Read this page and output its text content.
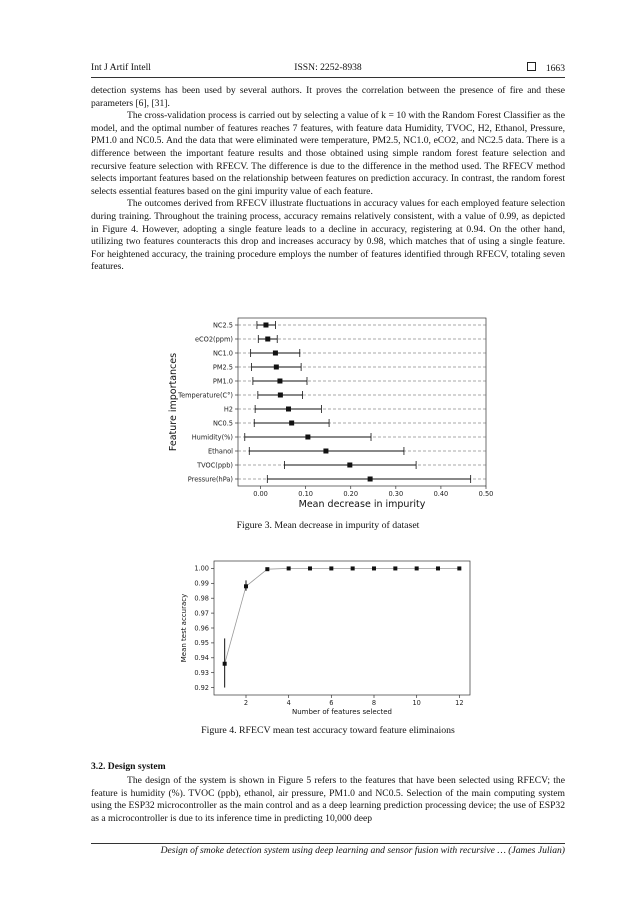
Int J Artif Intell	ISSN: 2252-8938	1663

detection systems has been used by several authors. It proves the correlation between the presence of fire and these parameters [6], [31].

The cross-validation process is carried out by selecting a value of k = 10 with the Random Forest Classifier as the model, and the optimal number of features reaches 7 features, with feature data Humidity, TVOC, H2, Ethanol, Pressure, PM1.0 and NC0.5. And the data that were eliminated were temperature, PM2.5, NC1.0, eCO2, and NC2.5 data. There is a difference between the important feature results and those obtained using simple random forest feature selection and recursive feature selection with RFECV. The difference is due to the difference in the method used. The RFECV method selects important features based on the relationship between features on prediction accuracy. In contrast, the random forest selects essential features based on the gini impurity value of each feature.

The outcomes derived from RFECV illustrate fluctuations in accuracy values for each employed feature selection during training. Throughout the training process, accuracy remains relatively consistent, with a value of 0.99, as depicted in Figure 4. However, adopting a single feature leads to a decline in accuracy, registering at 0.94. On the other hand, utilizing two features counteracts this drop and increases accuracy by 0.98, which matches that of using a single feature. For heightened accuracy, the training procedure employs the number of features identified through RFECV, totaling seven features.

NC2.5
eCO2(ppm)
NC1.0
PM2.5
PM1.0
Temperature(C°)
H2
NC0.5
Humidity(%)
Ethanol
TVOC(ppb)
Pressure(hPa)
0.00	0.10	0.20	0.30	0.40	0.50
Mean decrease in impurity
Feature importances
Figure 3. Mean decrease in impurity of dataset
0.92
0.93
0.94
0.95
0.96
0.97
0.98
0.99
1.00
2	4	6	8	10	12
Number of features selected
Mean test accuracy
Figure 4. RFECV mean test accuracy toward feature eliminaions
3.2. Design system

The design of the system is shown in Figure 5 refers to the features that have been selected using RFECV; the feature is humidity (%). TVOC (ppb), ethanol, air pressure, PM1.0 and NC0.5. Selection of the main computing system using the ESP32 microcontroller as the main control and as a deep learning prediction processing device; the use of ESP32 as a microcontroller is due to its inference time in predicting 10,000 deep

Design of smoke detection system using deep learning and sensor fusion with recursive … (James Julian)
